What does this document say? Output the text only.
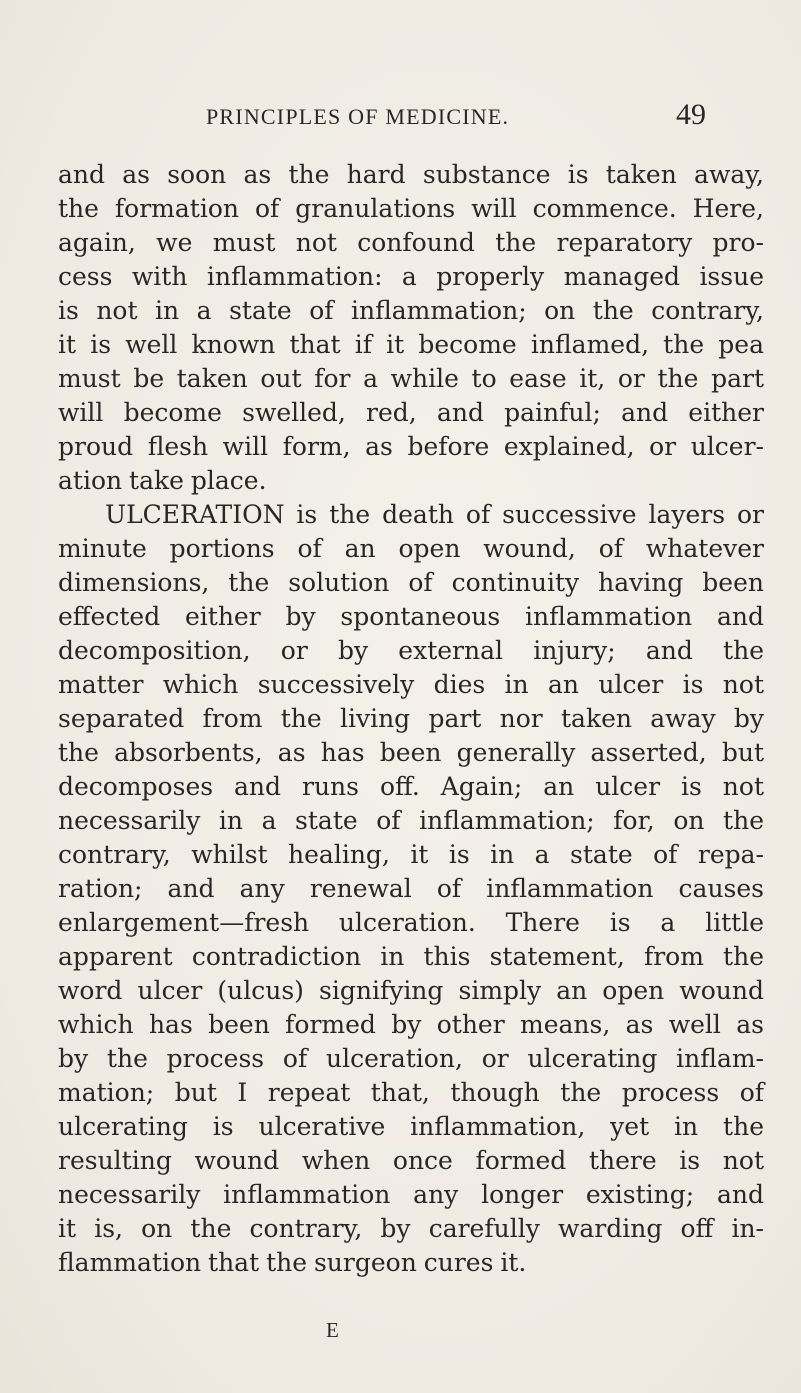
PRINCIPLES OF MEDICINE.	49
and as soon as the hard substance is taken away,
the formation of granulations will commence. Here,
again, we must not confound the reparatory pro-
cess with inflammation: a properly managed issue
is not in a state of inflammation; on the contrary,
it is well known that if it become inflamed, the pea
must be taken out for a while to ease it, or the part
will become swelled, red, and painful; and either
proud flesh will form, as before explained, or ulcer-
ation take place.
ULCERATION is the death of successive layers or
minute portions of an open wound, of whatever
dimensions, the solution of continuity having been
effected either by spontaneous inflammation and
decomposition, or by external injury; and the
matter which successively dies in an ulcer is not
separated from the living part nor taken away by
the absorbents, as has been generally asserted, but
decomposes and runs off. Again; an ulcer is not
necessarily in a state of inflammation; for, on the
contrary, whilst healing, it is in a state of repa-
ration; and any renewal of inflammation causes
enlargement—fresh ulceration. There is a little
apparent contradiction in this statement, from the
word ulcer (ulcus) signifying simply an open wound
which has been formed by other means, as well as
by the process of ulceration, or ulcerating inflam-
mation; but I repeat that, though the process of
ulcerating is ulcerative inflammation, yet in the
resulting wound when once formed there is not
necessarily inflammation any longer existing; and
it is, on the contrary, by carefully warding off in-
flammation that the surgeon cures it.
E
